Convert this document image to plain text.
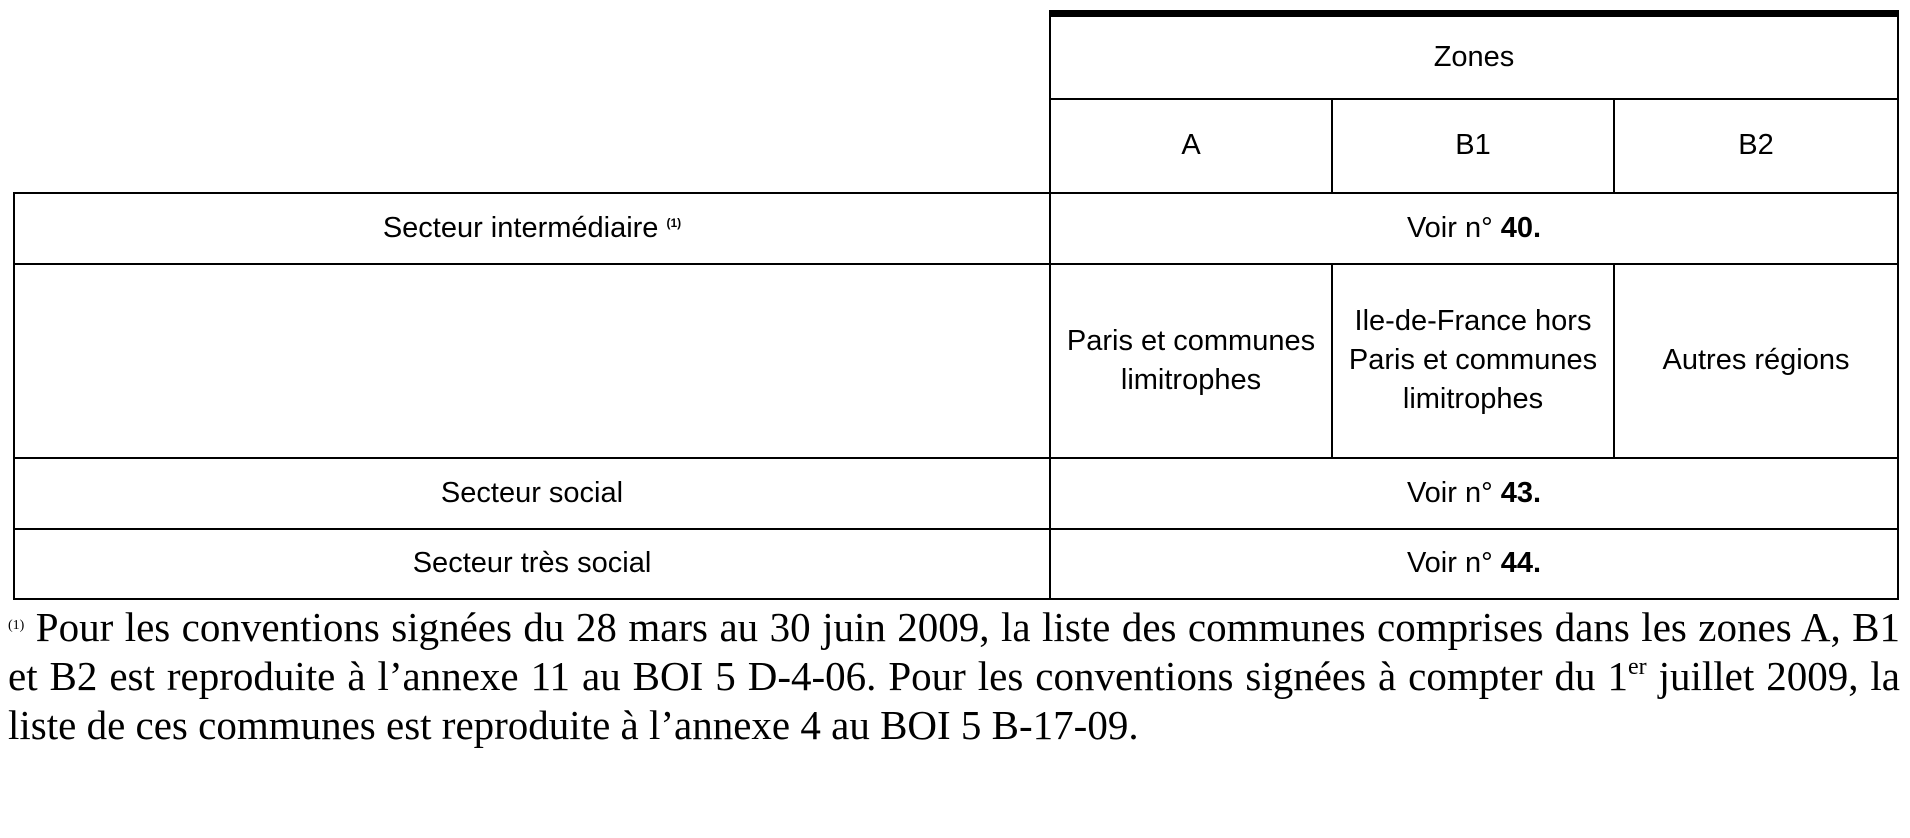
	Zones		
	A	B1	B2
Secteur intermédiaire $^{(1)}$	Voir n° 40.		
	Paris et communes limitrophes	Ile-de-France hors Paris et communes limitrophes	Autres régions
Secteur social	Voir n° 43.		
Secteur très social	Voir n° 44.		

$^{(1)}$ Pour les conventions signées du 28 mars au 30 juin 2009, la liste des communes comprises dans les zones A, B1 et B2 est reproduite à l’annexe 11 au BOI 5 D-4-06. Pour les conventions signées à compter du 1er juillet 2009, la liste de ces communes est reproduite à l’annexe 4 au BOI 5 B-17-09.
